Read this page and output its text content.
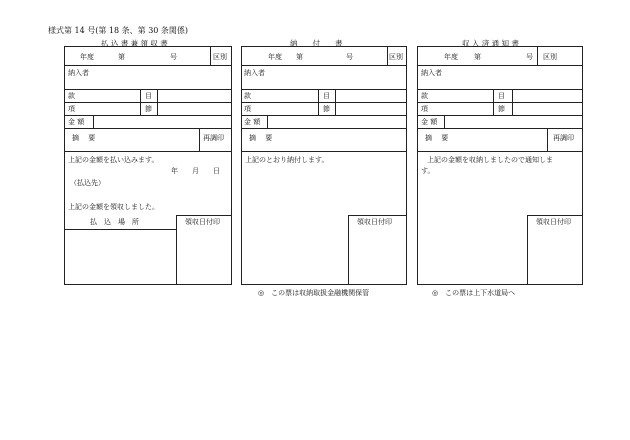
様式第 14 号(第 18 条、第 30 条関係)
払 込 書 兼 領 収 書
年度	第	号	区別
納入者
款	目
項	節
金 額
摘　 要	再調印
上記の金額を払い込みます。
年　　月　　日
（払込先）
上記の金額を領収しました。
払　込　場　所	領収日付印
納　　付　　書
年度 第	号	区別
納入者
款	目
項	節
金 額
摘　 要
上記のとおり納付します。
領収日付印
◎　この票は収納取扱金融機関保管
収 入 済 通 知 書
年度 第	号 区別
納入者
款	目
項	節
金 額
摘　 要	再調印
上記の金額を収納しましたので通知しま
す。
領収日付印
◎　この票は上下水道局へ
